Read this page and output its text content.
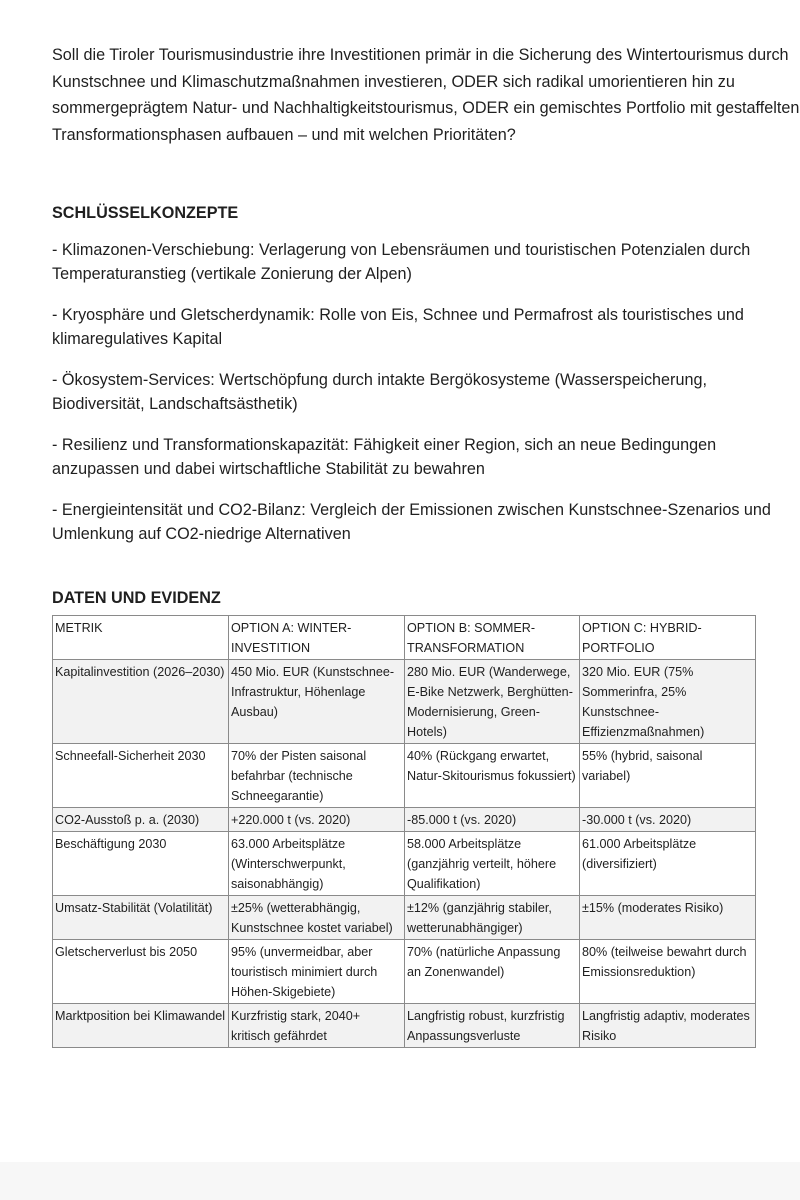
Soll die Tiroler Tourismusindustrie ihre Investitionen primär in die Sicherung des Wintertourismus durch Kunstschnee und Klimaschutzmaßnahmen investieren, ODER sich radikal umorientieren hin zu sommergeprägtem Natur- und Nachhaltigkeitstourismus, ODER ein gemischtes Portfolio mit gestaffelten Transformationsphasen aufbauen – und mit welchen Prioritäten?

SCHLÜSSELKONZEPTE
- Klimazonen-Verschiebung: Verlagerung von Lebensräumen und touristischen Potenzialen durch Temperaturanstieg (vertikale Zonierung der Alpen)
- Kryosphäre und Gletscherdynamik: Rolle von Eis, Schnee und Permafrost als touristisches und klimaregulatives Kapital
- Ökosystem-Services: Wertschöpfung durch intakte Bergökosysteme (Wasserspeicherung, Biodiversität, Landschaftsästhetik)
- Resilienz und Transformationskapazität: Fähigkeit einer Region, sich an neue Bedingungen anzupassen und dabei wirtschaftliche Stabilität zu bewahren
- Energieintensität und CO2-Bilanz: Vergleich der Emissionen zwischen Kunstschnee-Szenarios und Umlenkung auf CO2-niedrige Alternativen
DATEN UND EVIDENZ
METRIK	OPTION A: WINTER-INVESTITION	OPTION B: SOMMER-TRANSFORMATION	OPTION C: HYBRID-PORTFOLIO
Kapitalinvestition (2026–2030)	450 Mio. EUR (Kunstschnee-Infrastruktur, Höhenlage Ausbau)	280 Mio. EUR (Wanderwege, E-Bike Netzwerk, Berghütten-Modernisierung, Green-Hotels)	320 Mio. EUR (75% Sommerinfra, 25% Kunstschnee-Effizienzmaßnahmen)
Schneefall-Sicherheit 2030	70% der Pisten saisonal befahrbar (technische Schneegarantie)	40% (Rückgang erwartet, Natur-Skitourismus fokussiert)	55% (hybrid, saisonal variabel)
CO2-Ausstoß p. a. (2030)	+220.000 t (vs. 2020)	-85.000 t (vs. 2020)	-30.000 t (vs. 2020)
Beschäftigung 2030	63.000 Arbeitsplätze (Winterschwerpunkt, saisonabhängig)	58.000 Arbeitsplätze (ganzjährig verteilt, höhere Qualifikation)	61.000 Arbeitsplätze (diversifiziert)
Umsatz-Stabilität (Volatilität)	±25% (wetterabhängig, Kunstschnee kostet variabel)	±12% (ganzjährig stabiler, wetterunabhängiger)	±15% (moderates Risiko)
Gletscherverlust bis 2050	95% (unvermeidbar, aber touristisch minimiert durch Höhen-Skigebiete)	70% (natürliche Anpassung an Zonenwandel)	80% (teilweise bewahrt durch Emissionsreduktion)
Marktposition bei Klimawandel	Kurzfristig stark, 2040+ kritisch gefährdet	Langfristig robust, kurzfristig Anpassungsverluste	Langfristig adaptiv, moderates Risiko
